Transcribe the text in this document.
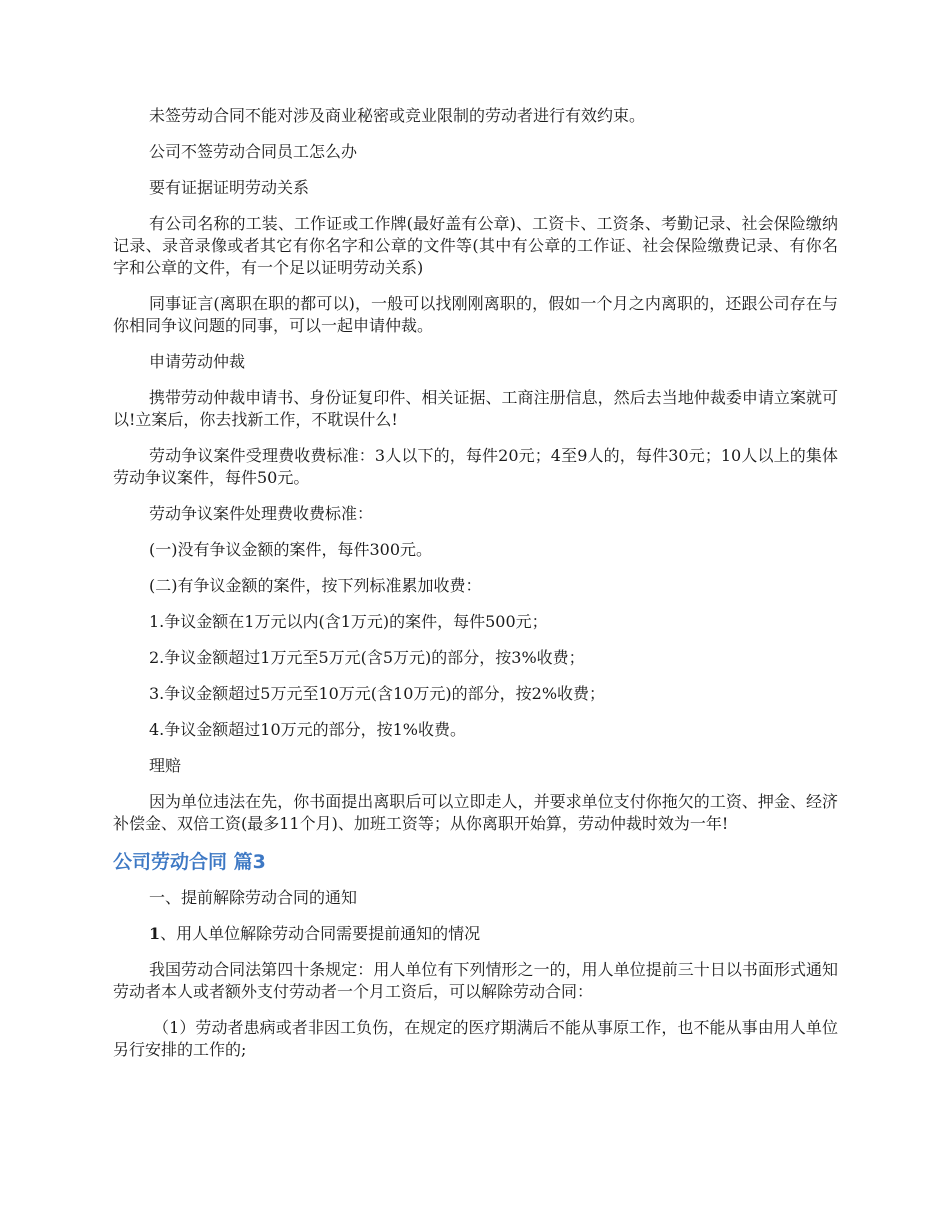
未签劳动合同不能对涉及商业秘密或竞业限制的劳动者进行有效约束。

公司不签劳动合同员工怎么办

要有证据证明劳动关系

有公司名称的工装、工作证或工作牌(最好盖有公章)、工资卡、工资条、考勤记录、社会保险缴纳记录、录音录像或者其它有你名字和公章的文件等(其中有公章的工作证、社会保险缴费记录、有你名字和公章的文件，有一个足以证明劳动关系)

同事证言(离职在职的都可以)，一般可以找刚刚离职的，假如一个月之内离职的，还跟公司存在与你相同争议问题的同事，可以一起申请仲裁。

申请劳动仲裁

携带劳动仲裁申请书、身份证复印件、相关证据、工商注册信息，然后去当地仲裁委申请立案就可以!立案后，你去找新工作，不耽误什么!

劳动争议案件受理费收费标准：3人以下的，每件20元；4至9人的，每件30元；10人以上的集体劳动争议案件，每件50元。

劳动争议案件处理费收费标准：

(一)没有争议金额的案件，每件300元。

(二)有争议金额的案件，按下列标准累加收费：

1.争议金额在1万元以内(含1万元)的案件，每件500元；

2.争议金额超过1万元至5万元(含5万元)的部分，按3%收费；

3.争议金额超过5万元至10万元(含10万元)的部分，按2%收费；

4.争议金额超过10万元的部分，按1%收费。

理赔

因为单位违法在先，你书面提出离职后可以立即走人，并要求单位支付你拖欠的工资、押金、经济补偿金、双倍工资(最多11个月)、加班工资等；从你离职开始算，劳动仲裁时效为一年!

公司劳动合同 篇3

一、提前解除劳动合同的通知

1、用人单位解除劳动合同需要提前通知的情况

我国劳动合同法第四十条规定：用人单位有下列情形之一的，用人单位提前三十日以书面形式通知劳动者本人或者额外支付劳动者一个月工资后，可以解除劳动合同：

（1）劳动者患病或者非因工负伤，在规定的医疗期满后不能从事原工作，也不能从事由用人单位另行安排的工作的;
